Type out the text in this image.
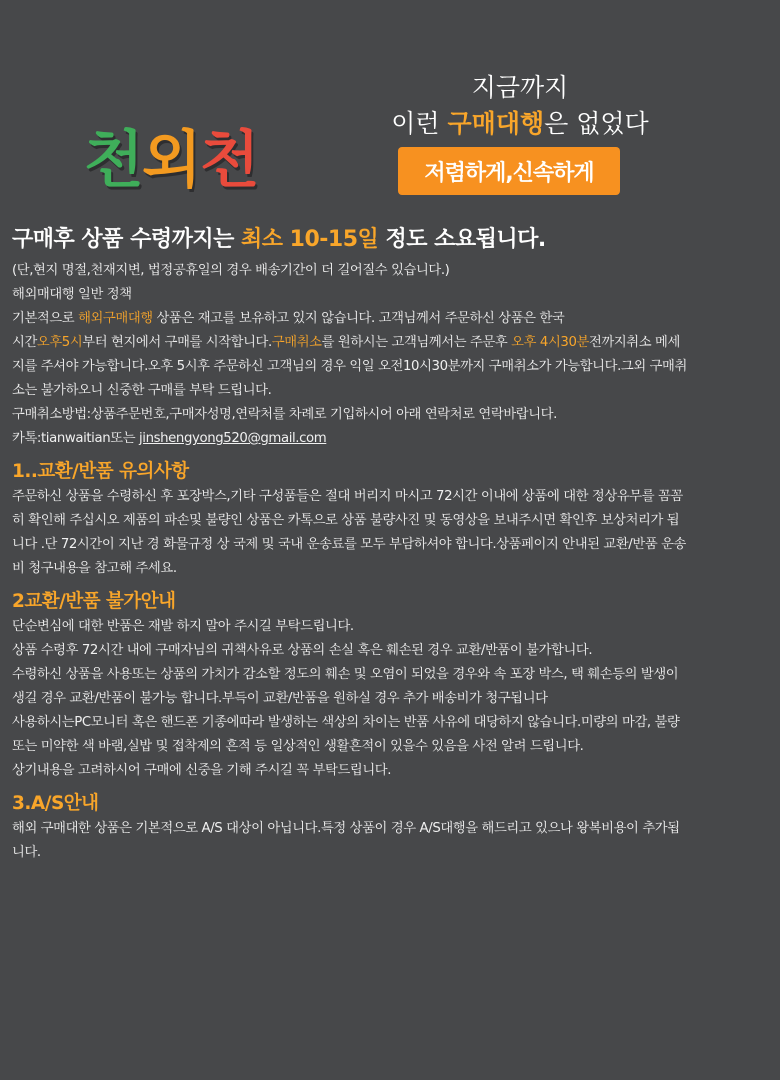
천외천
지금까지
이런 구매대행은 없었다
저렴하게,신속하게
구매후 상품 수령까지는 최소 10-15일 정도 소요됩니다.

(단,현지 명절,천재지변, 법정공휴일의 경우 배송기간이 더 길어질수 있습니다.)

해외매대행 일반 정책

기본적으로 해외구매대행 상품은 재고를 보유하고 있지 않습니다. 고객님께서 주문하신 상품은 한국

시간오후5시부터 현지에서 구매를 시작합니다.구매취소를 원하시는 고객님께서는 주문후 오후 4시30분전까지취소 메세

지를 주셔야 가능합니다.오후 5시후 주문하신 고객님의 경우 익일 오전10시30분까지 구매취소가 가능합니다.그외 구매취

소는 불가하오니 신중한 구매를 부탁 드립니다.

구매취소방법:상품주문번호,구매자성명,연락처를 차례로 기입하시어 아래 연락처로 연락바랍니다.

카톡:tianwaitian또는 jinshengyong520@gmail.com

1..교환/반품 유의사항

주문하신 상품을 수령하신 후 포장박스,기타 구성품들은 절대 버리지 마시고 72시간 이내에 상품에 대한 정상유무를 꼼꼼

히 확인해 주십시오 제품의 파손및 불량인 상품은 카톡으로 상품 불량사진 및 동영상을 보내주시면 확인후 보상처리가 됩

니다 .단 72시간이 지난 경 화물규정 상 국제 및 국내 운송료를 모두 부담하셔야 합니다.상품페이지 안내된 교환/반품 운송

비 청구내용을 참고해 주세요.

2교환/반품 불가안내

단순변심에 대한 반품은 재발 하지 말아 주시길 부탁드립니다.

상품 수령후 72시간 내에 구매자님의 귀책사유로 상품의 손실 혹은 훼손된 경우 교환/반품이 불가합니다.

수령하신 상품을 사용또는 상품의 가치가 감소할 정도의 훼손 및 오염이 되었을 경우와 속 포장 박스, 택 훼손등의 발생이

생길 경우 교환/반품이 불가능 합니다.부득이 교환/반품을 원하실 경우 추가 배송비가 청구됩니다

사용하시는PC모니터 혹은 핸드폰 기종에따라 발생하는 색상의 차이는 반품 사유에 대당하지 않습니다.미량의 마감, 불량

또는 미약한 색 바램,실밥 및 접착제의 흔적 등 일상적인 생활흔적이 있을수 있음을 사전 알려 드립니다.

상기내용을 고려하시어 구매에 신중을 기해 주시길 꼭 부탁드립니다.

3.A/S안내

해외 구매대한 상품은 기본적으로 A/S 대상이 아닙니다.특정 상품이 경우 A/S대행을 해드리고 있으나 왕복비용이 추가됩

니다.
